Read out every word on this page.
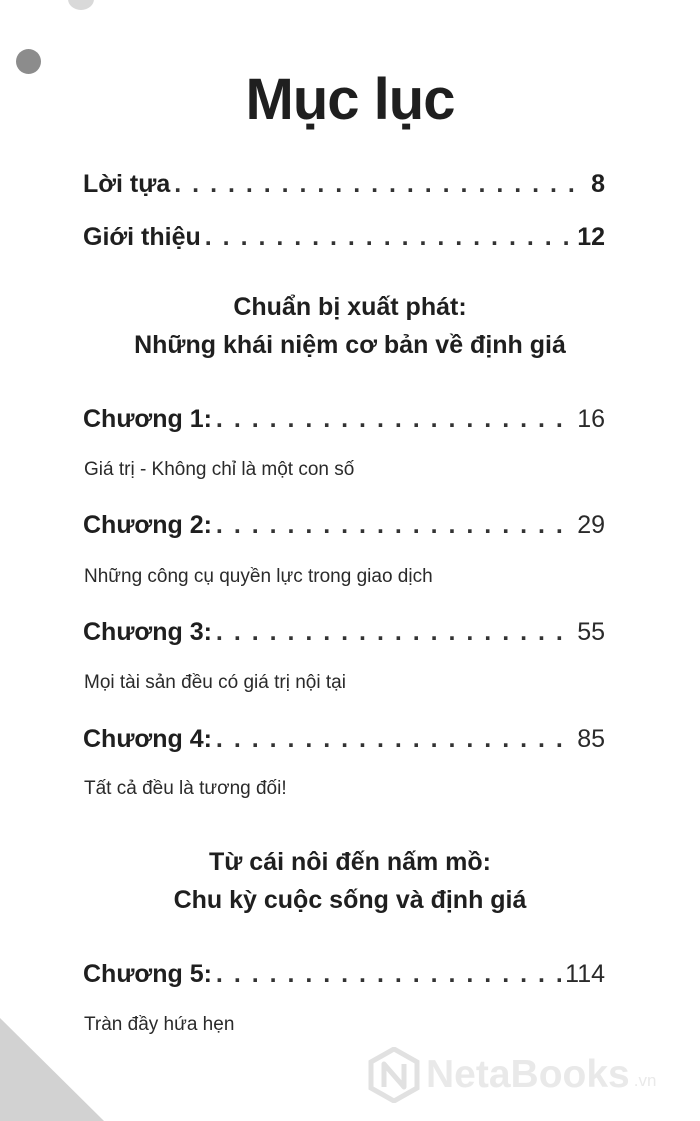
Mục lục
Lời tựa . . .	8
Giới thiệu . . .	12
Chuẩn bị xuất phát:
Những khái niệm cơ bản về định giá
Chương 1: . . .	16
Giá trị - Không chỉ là một con số
Chương 2: . . .	29
Những công cụ quyền lực trong giao dịch
Chương 3: . . .	55
Mọi tài sản đều có giá trị nội tại
Chương 4: . . .	85
Tất cả đều là tương đối!
Từ cái nôi đến nấm mồ:
Chu kỳ cuộc sống và định giá
Chương 5: . . .	114
Tràn đầy hứa hẹn
NetaBooks .vn
